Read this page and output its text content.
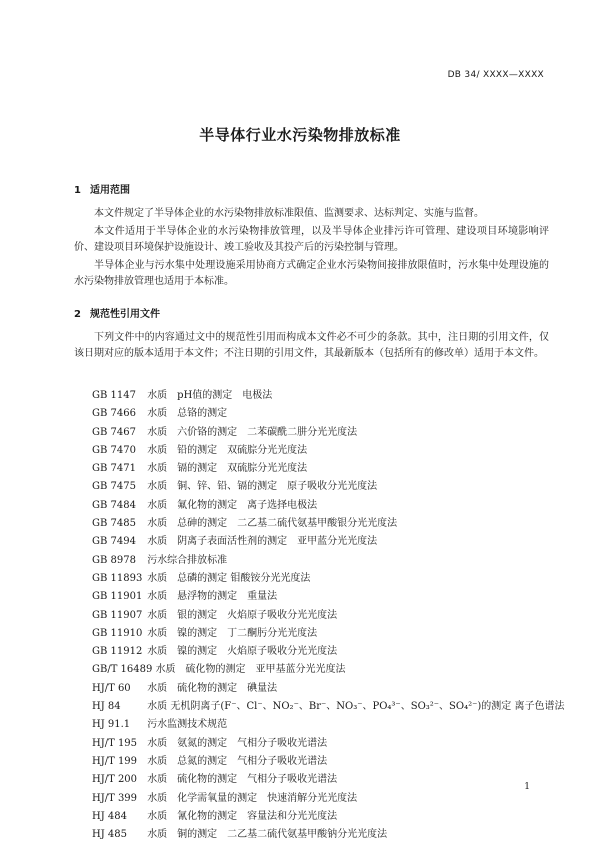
DB 34/ XXXX—XXXX
半导体行业水污染物排放标准
1 适用范围

本文件规定了半导体企业的水污染物排放标准限值、监测要求、达标判定、实施与监督。

本文件适用于半导体企业的水污染物排放管理，以及半导体企业排污许可管理、建设项目环境影响评价、建设项目环境保护设施设计、竣工验收及其投产后的污染控制与管理。

半导体企业与污水集中处理设施采用协商方式确定企业水污染物间接排放限值时，污水集中处理设施的水污染物排放管理也适用于本标准。

2 规范性引用文件

下列文件中的内容通过文中的规范性引用而构成本文件必不可少的条款。其中，注日期的引用文件，仅该日期对应的版本适用于本文件；不注日期的引用文件，其最新版本（包括所有的修改单）适用于本文件。

GB 1147 水质　pH值的测定　电极法
GB 7466 水质　总铬的测定
GB 7467 水质　六价铬的测定　二苯碳酰二肼分光光度法
GB 7470 水质　铅的测定　双硫腙分光光度法
GB 7471 水质　镉的测定　双硫腙分光光度法
GB 7475 水质　铜、锌、铅、镉的测定　原子吸收分光光度法
GB 7484 水质　氟化物的测定　离子选择电极法
GB 7485 水质　总砷的测定　二乙基二硫代氨基甲酸银分光光度法
GB 7494 水质　阴离子表面活性剂的测定　亚甲蓝分光光度法
GB 8978 污水综合排放标准
GB 11893 水质　总磷的测定 钼酸铵分光光度法
GB 11901 水质　悬浮物的测定　重量法
GB 11907 水质　银的测定　火焰原子吸收分光光度法
GB 11910 水质　镍的测定　丁二酮肟分光光度法
GB 11912 水质　镍的测定　火焰原子吸收分光光度法
GB/T 16489 水质　硫化物的测定　亚甲基蓝分光光度法
HJ/T 60 水质　硫化物的测定　碘量法
HJ 84	水质 无机阴离子(F⁻、Cl⁻、NO₂⁻、Br⁻、NO₃⁻、PO₄³⁻、SO₃²⁻、SO₄²⁻)的测定 离子色谱法
HJ 91.1 污水监测技术规范
HJ/T 195 水质　氨氮的测定　气相分子吸收光谱法
HJ/T 199 水质　总氮的测定　气相分子吸收光谱法
HJ/T 200 水质　硫化物的测定　气相分子吸收光谱法
HJ/T 399 水质　化学需氧量的测定　快速消解分光光度法
HJ 484 水质　氰化物的测定　容量法和分光光度法
HJ 485 水质　铜的测定　二乙基二硫代氨基甲酸钠分光光度法
1
